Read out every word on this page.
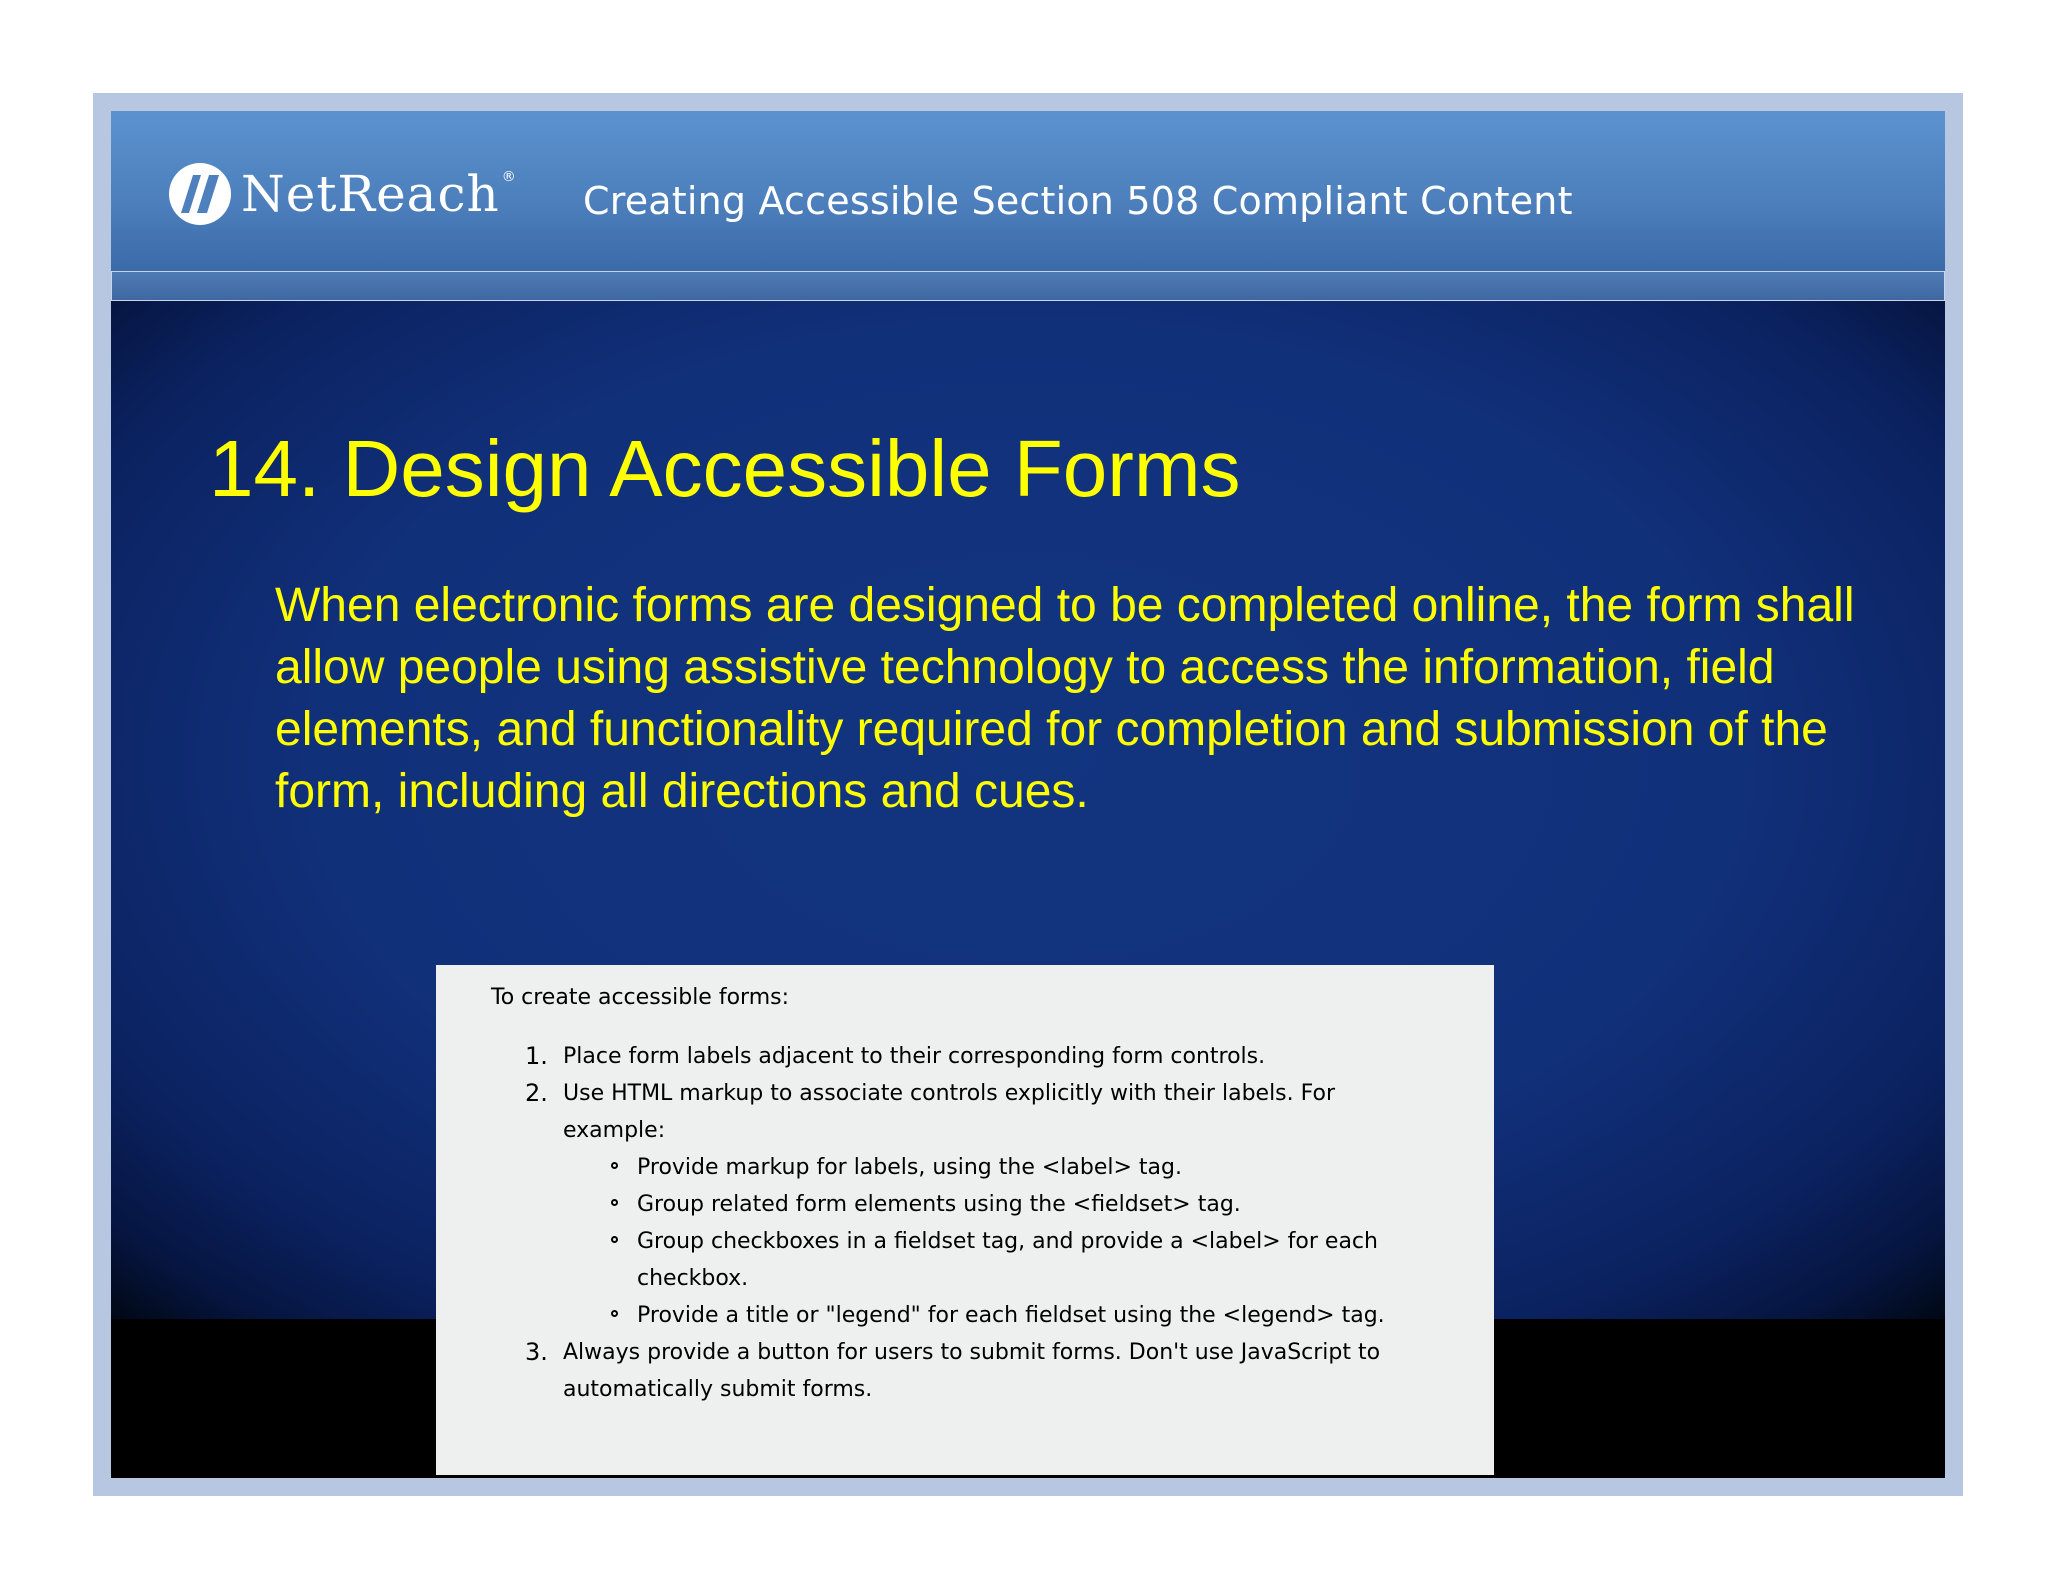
NetReach ®
Creating Accessible Section 508 Compliant Content
14. Design Accessible Forms

When electronic forms are designed to be completed online, the form shall allow people using assistive technology to access the information, field elements, and functionality required for completion and submission of the form, including all directions and cues.

To create accessible forms:

1. Place form labels adjacent to their corresponding form controls.
2. Use HTML markup to associate controls explicitly with their labels. For example:
Provide markup for labels, using the <label> tag.
Group related form elements using the <fieldset> tag.
Group checkboxes in a fieldset tag, and provide a <label> for each checkbox.
Provide a title or "legend" for each fieldset using the <legend> tag.
3. Always provide a button for users to submit forms. Don't use JavaScript to automatically submit forms.
